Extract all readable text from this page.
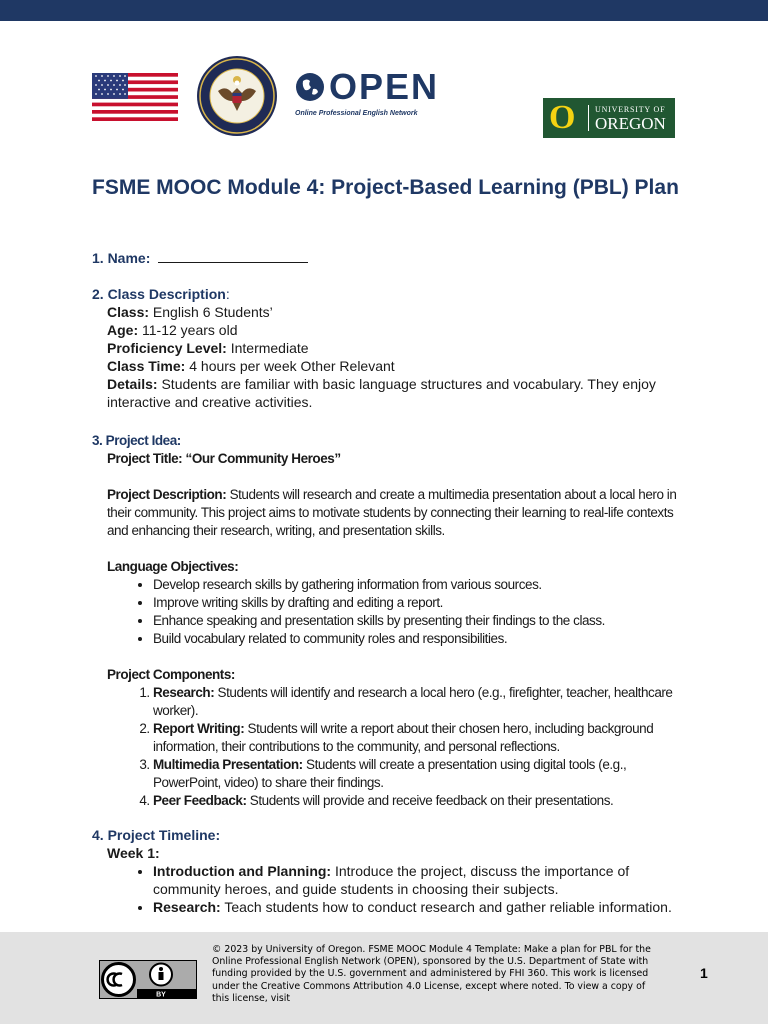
OPEN
Online Professional English Network	O UNIVERSITY OF
OREGON
FSME MOOC Module 4: Project-Based Learning (PBL) Plan
1. Name:
2. Class Description:

Class: English 6 Students’

Age: 11-12 years old

Proficiency Level: Intermediate

Class Time: 4 hours per week Other Relevant

Details: Students are familiar with basic language structures and vocabulary. They enjoy interactive and creative activities.

3. Project Idea:

Project Title: “Our Community Heroes”

Project Description: Students will research and create a multimedia presentation about a local hero in their community. This project aims to motivate students by connecting their learning to real-life contexts and enhancing their research, writing, and presentation skills.

Language Objectives:

• Develop research skills by gathering information from various sources.
• Improve writing skills by drafting and editing a report.
• Enhance speaking and presentation skills by presenting their findings to the class.
• Build vocabulary related to community roles and responsibilities.

Project Components:

1. Research: Students will identify and research a local hero (e.g., firefighter, teacher, healthcare worker).
2. Report Writing: Students will write a report about their chosen hero, including background information, their contributions to the community, and personal reflections.
3. Multimedia Presentation: Students will create a presentation using digital tools (e.g., PowerPoint, video) to share their findings.
4. Peer Feedback: Students will provide and receive feedback on their presentations.
4. Project Timeline:

Week 1:

• Introduction and Planning: Introduce the project, discuss the importance of community heroes, and guide students in choosing their subjects.
• Research: Teach students how to conduct research and gather reliable information.
BY
© 2023 by University of Oregon. FSME MOOC Module 4 Template: Make a plan for PBL for the Online Professional English Network (OPEN), sponsored by the U.S. Department of State with funding provided by the U.S. government and administered by FHI 360. This work is licensed under the Creative Commons Attribution 4.0 License, except where noted. To view a copy of this license, visit
1
